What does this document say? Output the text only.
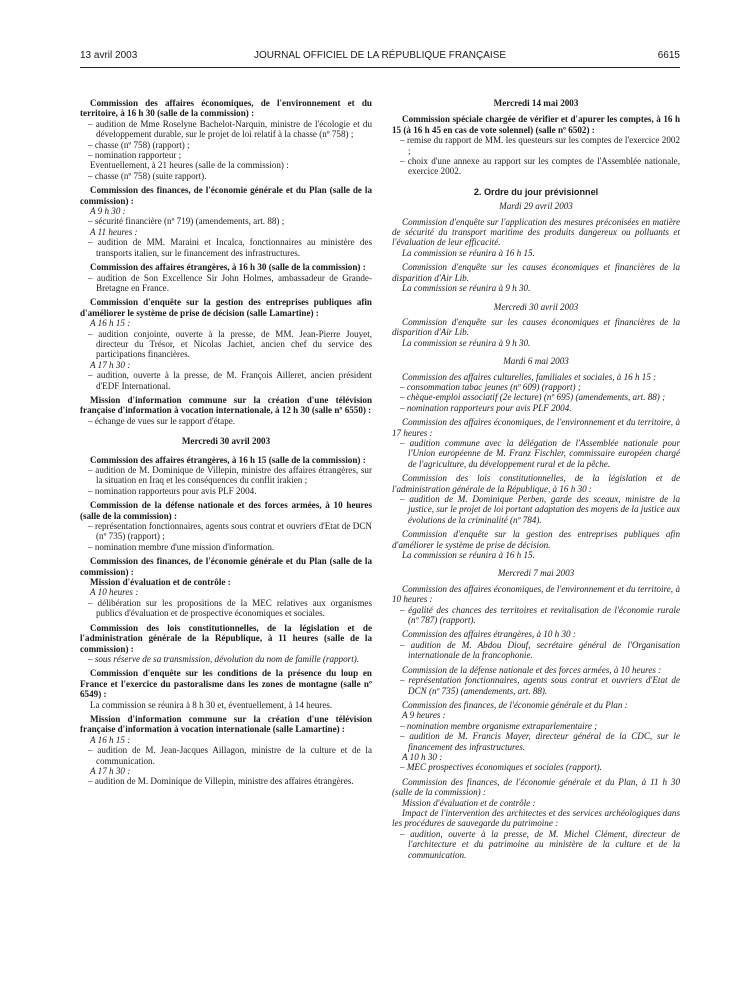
13 avril 2003	JOURNAL OFFICIEL DE LA RÉPUBLIQUE FRANÇAISE	6615

Commission des affaires économiques, de l'environnement et du territoire, à 16 h 30 (salle de la commission) :

– audition de Mme Roselyne Bachelot-Narquin, ministre de l'écologie et du développement durable, sur le projet de loi relatif à la chasse (nº 758) ;

– chasse (nº 758) (rapport) ;

– nomination rapporteur ;

Eventuellement, à 21 heures (salle de la commission) :

– chasse (nº 758) (suite rapport).

Commission des finances, de l'économie générale et du Plan (salle de la commission) :

A 9 h 30 :

– sécurité financière (nº 719) (amendements, art. 88) ;

A 11 heures :

– audition de MM. Maraini et Incalca, fonctionnaires au ministère des transports italien, sur le financement des infrastructures.

Commission des affaires étrangères, à 16 h 30 (salle de la commission) :

– audition de Son Excellence Sir John Holmes, ambassadeur de Grande-Bretagne en France.

Commission d'enquête sur la gestion des entreprises publiques afin d'améliorer le système de prise de décision (salle Lamartine) :

A 16 h 15 :

– audition conjointe, ouverte à la presse, de MM. Jean-Pierre Jouyet, directeur du Trésor, et Nicolas Jachiet, ancien chef du service des participations financières.

A 17 h 30 :

– audition, ouverte à la presse, de M. François Ailleret, ancien président d'EDF International.

Mission d'information commune sur la création d'une télévision française d'information à vocation internationale, à 12 h 30 (salle nº 6550) :

– échange de vues sur le rapport d'étape.

Mercredi 30 avril 2003

Commission des affaires étrangères, à 16 h 15 (salle de la commission) :

– audition de M. Dominique de Villepin, ministre des affaires étrangères, sur la situation en Iraq et les conséquences du conflit irakien ;

– nomination rapporteurs pour avis PLF 2004.

Commission de la défense nationale et des forces armées, à 10 heures (salle de la commission) :

– représentation fonctionnaires, agents sous contrat et ouvriers d'Etat de DCN (nº 735) (rapport) ;

– nomination membre d'une mission d'information.

Commission des finances, de l'économie générale et du Plan (salle de la commission) :

Mission d'évaluation et de contrôle :

A 10 heures :

– délibération sur les propositions de la MEC relatives aux organismes publics d'évaluation et de prospective économiques et sociales.

Commission des lois constitutionnelles, de la législation et de l'administration générale de la République, à 11 heures (salle de la commission) :

– sous réserve de sa transmission, dévolution du nom de famille (rapport).

Commission d'enquête sur les conditions de la présence du loup en France et l'exercice du pastoralisme dans les zones de montagne (salle nº 6549) :

La commission se réunira à 8 h 30 et, éventuellement, à 14 heures.

Mission d'information commune sur la création d'une télévision française d'information à vocation internationale (salle Lamartine) :

A 16 h 15 :

– audition de M. Jean-Jacques Aillagon, ministre de la culture et de la communication.

A 17 h 30 :

– audition de M. Dominique de Villepin, ministre des affaires étrangères.

Mercredi 14 mai 2003

Commission spéciale chargée de vérifier et d'apurer les comptes, à 16 h 15 (à 16 h 45 en cas de vote solennel) (salle nº 6502) :

– remise du rapport de MM. les questeurs sur les comptes de l'exercice 2002 ;

– choix d'une annexe au rapport sur les comptes de l'Assemblée nationale, exercice 2002.

2. Ordre du jour prévisionnel

Mardi 29 avril 2003

Commission d'enquête sur l'application des mesures préconisées en matière de sécurité du transport maritime des produits dangereux ou polluants et l'évaluation de leur efficacité.

La commission se réunira à 16 h 15.

Commission d'enquête sur les causes économiques et financières de la disparition d'Air Lib.

La commission se réunira à 9 h 30.

Mercredi 30 avril 2003

Commission d'enquête sur les causes économiques et financières de la disparition d'Air Lib.

La commission se réunira à 9 h 30.

Mardi 6 mai 2003

Commission des affaires culturelles, familiales et sociales, à 16 h 15 :

– consommation tabac jeunes (nº 609) (rapport) ;

– chèque-emploi associatif (2e lecture) (nº 695) (amendements, art. 88) ;

– nomination rapporteurs pour avis PLF 2004.

Commission des affaires économiques, de l'environnement et du territoire, à 17 heures :

– audition commune avec la délégation de l'Assemblée nationale pour l'Union européenne de M. Franz Fischler, commissaire européen chargé de l'agriculture, du développement rural et de la pêche.

Commission des lois constitutionnelles, de la législation et de l'administration générale de la République, à 16 h 30 :

– audition de M. Dominique Perben, garde des sceaux, ministre de la justice, sur le projet de loi portant adaptation des moyens de la justice aux évolutions de la criminalité (nº 784).

Commission d'enquête sur la gestion des entreprises publiques afin d'améliorer le système de prise de décision.

La commission se réunira à 16 h 15.

Mercredi 7 mai 2003

Commission des affaires économiques, de l'environnement et du territoire, à 10 heures :

– égalité des chances des territoires et revitalisation de l'économie rurale (nº 787) (rapport).

Commission des affaires étrangères, à 10 h 30 :

– audition de M. Abdou Diouf, secrétaire général de l'Organisation internationale de la francophonie.

Commission de la défense nationale et des forces armées, à 10 heures :

– représentation fonctionnaires, agents sous contrat et ouvriers d'Etat de DCN (nº 735) (amendements, art. 88).

Commission des finances, de l'économie générale et du Plan :

A 9 heures :

– nomination membre organisme extraparlementaire ;

– audition de M. Francis Mayer, directeur général de la CDC, sur le financement des infrastructures.

A 10 h 30 :

– MEC prospectives économiques et sociales (rapport).

Commission des finances, de l'économie générale et du Plan, à 11 h 30 (salle de la commission) :

Mission d'évaluation et de contrôle :

Impact de l'intervention des architectes et des services archéologiques dans les procédures de sauvegarde du patrimoine :

– audition, ouverte à la presse, de M. Michel Clément, directeur de l'architecture et du patrimoine au ministère de la culture et de la communication.
